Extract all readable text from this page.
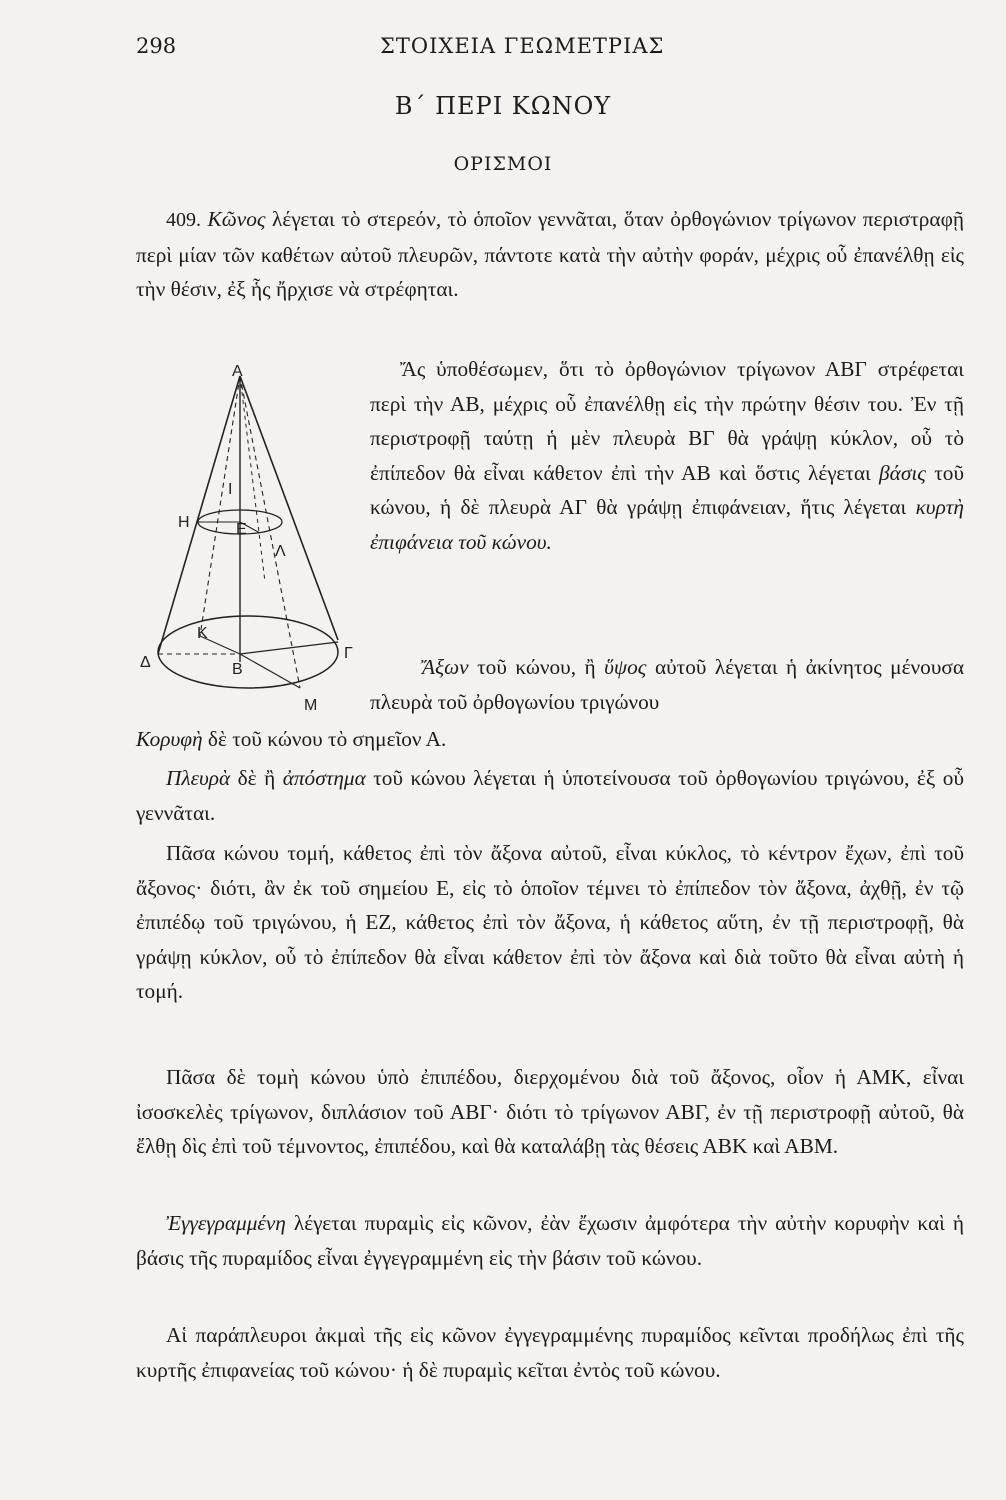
298	ΣΤΟΙΧΕΙΑ ΓΕΩΜΕΤΡΙΑΣ
Β΄ ΠΕΡΙ ΚΩΝΟΥ
ΟΡΙΣΜΟΙ
409. Κῶνος λέγεται τὸ στερεόν, τὸ ὁποῖον γεννᾶται, ὅταν ὀρθογώνιον τρίγωνον περιστραφῇ περὶ μίαν τῶν καθέτων αὐτοῦ πλευρῶν, πάντοτε κατὰ τὴν αὐτὴν φοράν, μέχρις οὗ ἐπανέλθῃ εἰς τὴν θέσιν, ἐξ ἧς ἤρχισε νὰ στρέφηται.
Α
Β
Γ
Δ
Ε
Η
Ι
Λ
Κ
Μ
Ἄς ὑποθέσωμεν, ὅτι τὸ ὀρθογώνιον τρίγωνον ΑΒΓ στρέφεται περὶ τὴν ΑΒ, μέχρις οὗ ἐπανέλθῃ εἰς τὴν πρώτην θέσιν του. Ἐν τῇ περιστροφῇ ταύτῃ ἡ μὲν πλευρὰ ΒΓ θὰ γράψῃ κύκλον, οὗ τὸ ἐπίπεδον θὰ εἶναι κάθετον ἐπὶ τὴν ΑΒ καὶ ὅστις λέγεται βάσις τοῦ κώνου, ἡ δὲ πλευρὰ ΑΓ θὰ γράψῃ ἐπιφάνειαν, ἥτις λέγεται κυρτὴ ἐπιφάνεια τοῦ κώνου.
Ἄξων τοῦ κώνου, ἢ ὕψος αὐτοῦ λέγεται ἡ ἀκίνητος μένουσα πλευρὰ τοῦ ὀρθογωνίου τριγώνου
Κορυφὴ δὲ τοῦ κώνου τὸ σημεῖον Α.
Πλευρὰ δὲ ἢ ἀπόστημα τοῦ κώνου λέγεται ἡ ὑποτείνουσα τοῦ ὀρθογωνίου τριγώνου, ἐξ οὗ γεννᾶται.
Πᾶσα κώνου τομή, κάθετος ἐπὶ τὸν ἄξονα αὐτοῦ, εἶναι κύκλος, τὸ κέντρον ἔχων, ἐπὶ τοῦ ἄξονος· διότι, ἂν ἐκ τοῦ σημείου Ε, εἰς τὸ ὁποῖον τέμνει τὸ ἐπίπεδον τὸν ἄξονα, ἀχθῇ, ἐν τῷ ἐπιπέδῳ τοῦ τριγώνου, ἡ ΕΖ, κάθετος ἐπὶ τὸν ἄξονα, ἡ κάθετος αὕτη, ἐν τῇ περιστροφῇ, θὰ γράψῃ κύκλον, οὗ τὸ ἐπίπεδον θὰ εἶναι κάθετον ἐπὶ τὸν ἄξονα καὶ διὰ τοῦτο θὰ εἶναι αὐτὴ ἡ τομή.
Πᾶσα δὲ τομὴ κώνου ὑπὸ ἐπιπέδου, διερχομένου διὰ τοῦ ἄξονος, οἷον ἡ ΑΜΚ, εἶναι ἰσοσκελὲς τρίγωνον, διπλάσιον τοῦ ΑΒΓ· διότι τὸ τρίγωνον ΑΒΓ, ἐν τῇ περιστροφῇ αὐτοῦ, θὰ ἔλθῃ δὶς ἐπὶ τοῦ τέμνοντος, ἐπιπέδου, καὶ θὰ καταλάβῃ τὰς θέσεις ΑΒΚ καὶ ΑΒΜ.
Ἐγγεγραμμένη λέγεται πυραμὶς εἰς κῶνον, ἐὰν ἔχωσιν ἀμφότερα τὴν αὐτὴν κορυφὴν καὶ ἡ βάσις τῆς πυραμίδος εἶναι ἐγγεγραμμένη εἰς τὴν βάσιν τοῦ κώνου.
Αἱ παράπλευροι ἀκμαὶ τῆς εἰς κῶνον ἐγγεγραμμένης πυραμίδος κεῖνται προδήλως ἐπὶ τῆς κυρτῆς ἐπιφανείας τοῦ κώνου· ἡ δὲ πυραμὶς κεῖται ἐντὸς τοῦ κώνου.
